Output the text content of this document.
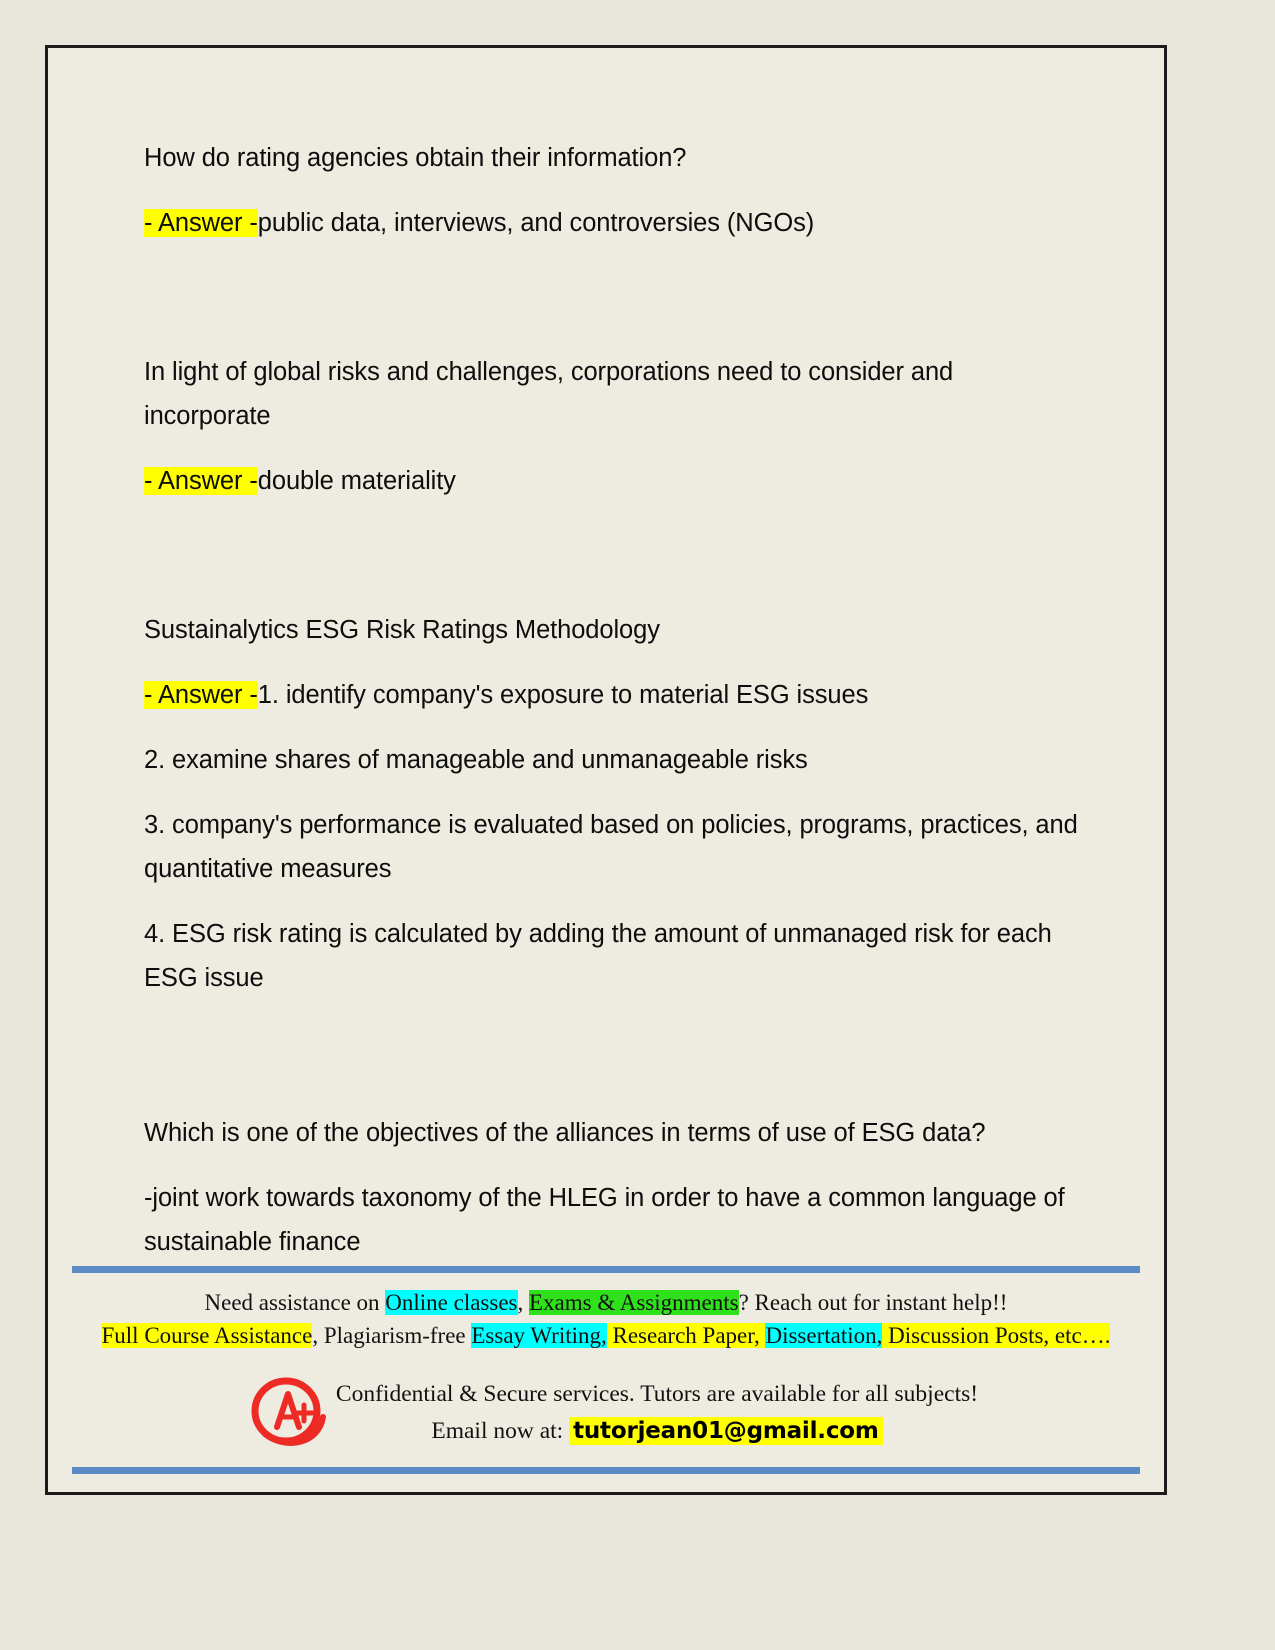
How do rating agencies obtain their information?

- Answer -public data, interviews, and controversies (NGOs)

In light of global risks and challenges, corporations need to consider and incorporate

- Answer -double materiality

Sustainalytics ESG Risk Ratings Methodology

- Answer -1. identify company's exposure to material ESG issues

2. examine shares of manageable and unmanageable risks

3. company's performance is evaluated based on policies, programs, practices, and quantitative measures

4. ESG risk rating is calculated by adding the amount of unmanaged risk for each ESG issue

Which is one of the objectives of the alliances in terms of use of ESG data?

-joint work towards taxonomy of the HLEG in order to have a common language of sustainable finance

Need assistance on Online classes, Exams & Assignments? Reach out for instant help!!
Full Course Assistance, Plagiarism-free Essay Writing, Research Paper, Dissertation, Discussion Posts, etc….
Confidential & Secure services. Tutors are available for all subjects!
Email now at: tutorjean01@gmail.com
